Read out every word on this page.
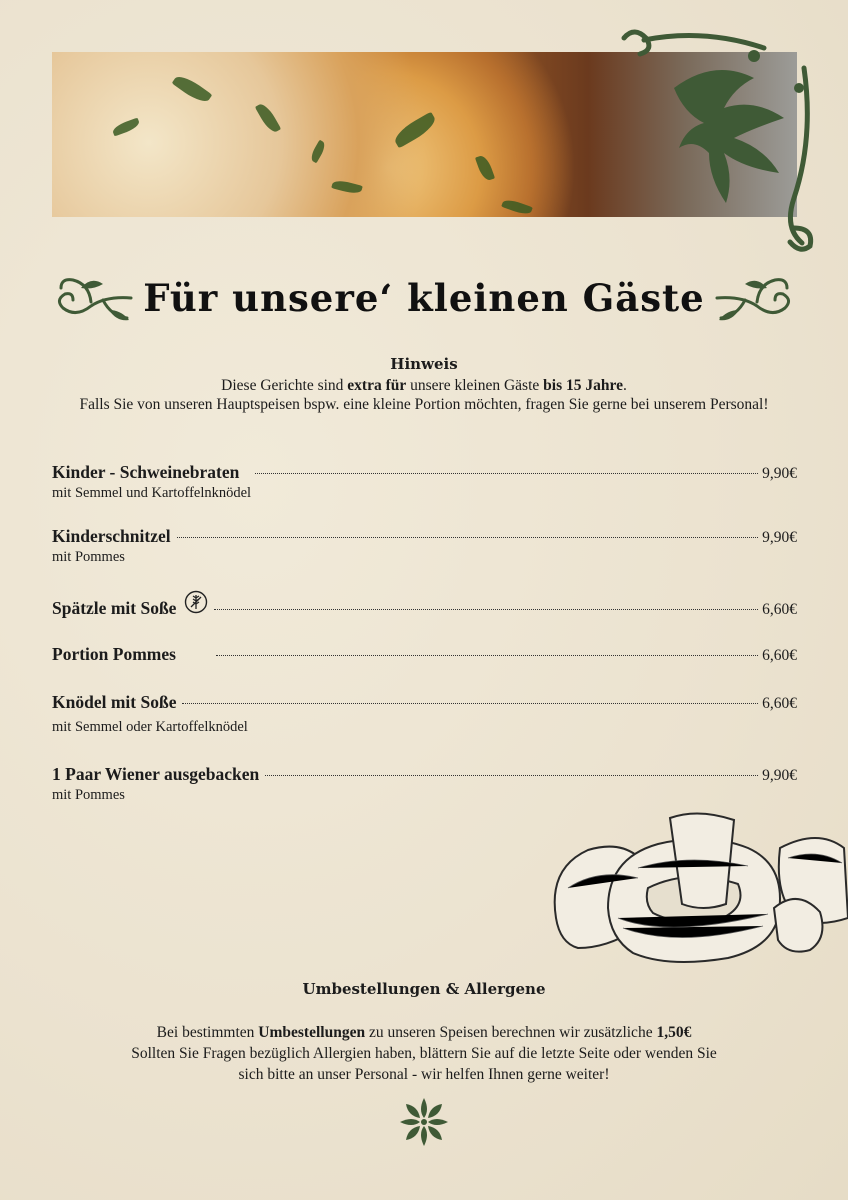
Für unsere‘ kleinen Gäste
Hinweis
Diese Gerichte sind extra für unsere kleinen Gäste bis 15 Jahre.
Falls Sie von unseren Hauptspeisen bspw. eine kleine Portion möchten, fragen Sie gerne bei unserem Personal!
Kinder - Schweinebraten	9,90€
mit Semmel und Kartoffelnknödel
Kinderschnitzel	9,90€
mit Pommes
Spätzle mit Soße	6,60€
Portion Pommes	6,60€
Knödel mit Soße	6,60€
mit Semmel oder Kartoffelknödel
1 Paar Wiener ausgebacken	9,90€
mit Pommes
Umbestellungen & Allergene
Bei bestimmten Umbestellungen zu unseren Speisen berechnen wir zusätzliche 1,50€
Sollten Sie Fragen bezüglich Allergien haben, blättern Sie auf die letzte Seite oder wenden Sie
sich bitte an unser Personal - wir helfen Ihnen gerne weiter!
